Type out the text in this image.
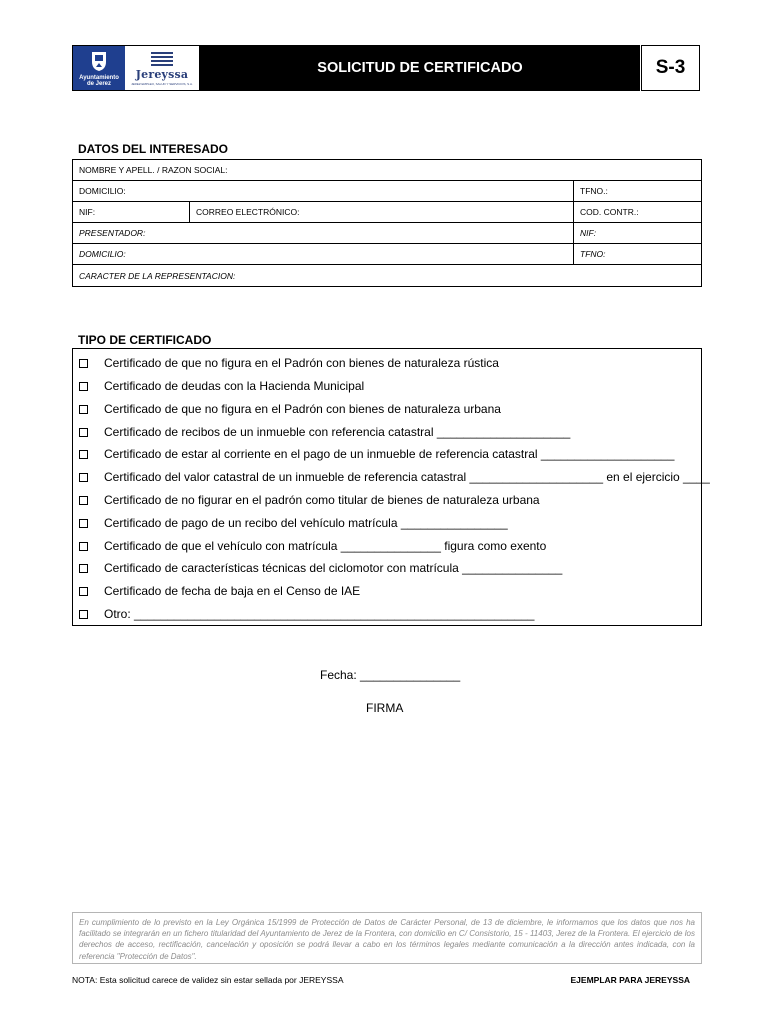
Ayuntamiento
de Jerez
Jereyssa
JEREZ EMPLEO, SALUD Y SERVICIOS, S.A.
SOLICITUD DE CERTIFICADO	S-3
DATOS DEL INTERESADO
NOMBRE Y APELL. / RAZON SOCIAL:
DOMICILIO:	TFNO.:
NIF:	CORREO ELECTRÓNICO:	COD. CONTR.:
PRESENTADOR:	NIF:
DOMICILIO:	TFNO:
CARACTER DE LA REPRESENTACION:
TIPO DE CERTIFICADO
Certificado de que no figura en el Padrón con bienes de naturaleza rústica
Certificado de deudas con la Hacienda Municipal
Certificado de que no figura en el Padrón con bienes de naturaleza urbana
Certificado de recibos de un inmueble con referencia catastral ____________________
Certificado de estar al corriente en el pago de un inmueble de referencia catastral ____________________
Certificado del valor catastral de un inmueble de referencia catastral ____________________ en el ejercicio ____
Certificado de no figurar en el padrón como titular de bienes de naturaleza urbana
Certificado de pago de un recibo del vehículo matrícula ________________
Certificado de que el vehículo con matrícula _______________ figura como exento
Certificado de características técnicas del ciclomotor con matrícula _______________
Certificado de fecha de baja en el Censo de IAE
Otro: ____________________________________________________________
Fecha: _______________
FIRMA
En cumplimiento de lo previsto en la Ley Orgánica 15/1999 de Protección de Datos de Carácter Personal, de 13 de diciembre, le informamos que los datos que nos ha facilitado se integrarán en un fichero titularidad del Ayuntamiento de Jerez de la Frontera, con domicilio en C/ Consistorio, 15 - 11403, Jerez de la Frontera. El ejercicio de los derechos de acceso, rectificación, cancelación y oposición se podrá llevar a cabo en los términos legales mediante comunicación a la dirección antes indicada, con la referencia "Protección de Datos".
NOTA: Esta solicitud carece de validez sin estar sellada por JEREYSSA	EJEMPLAR PARA JEREYSSA
